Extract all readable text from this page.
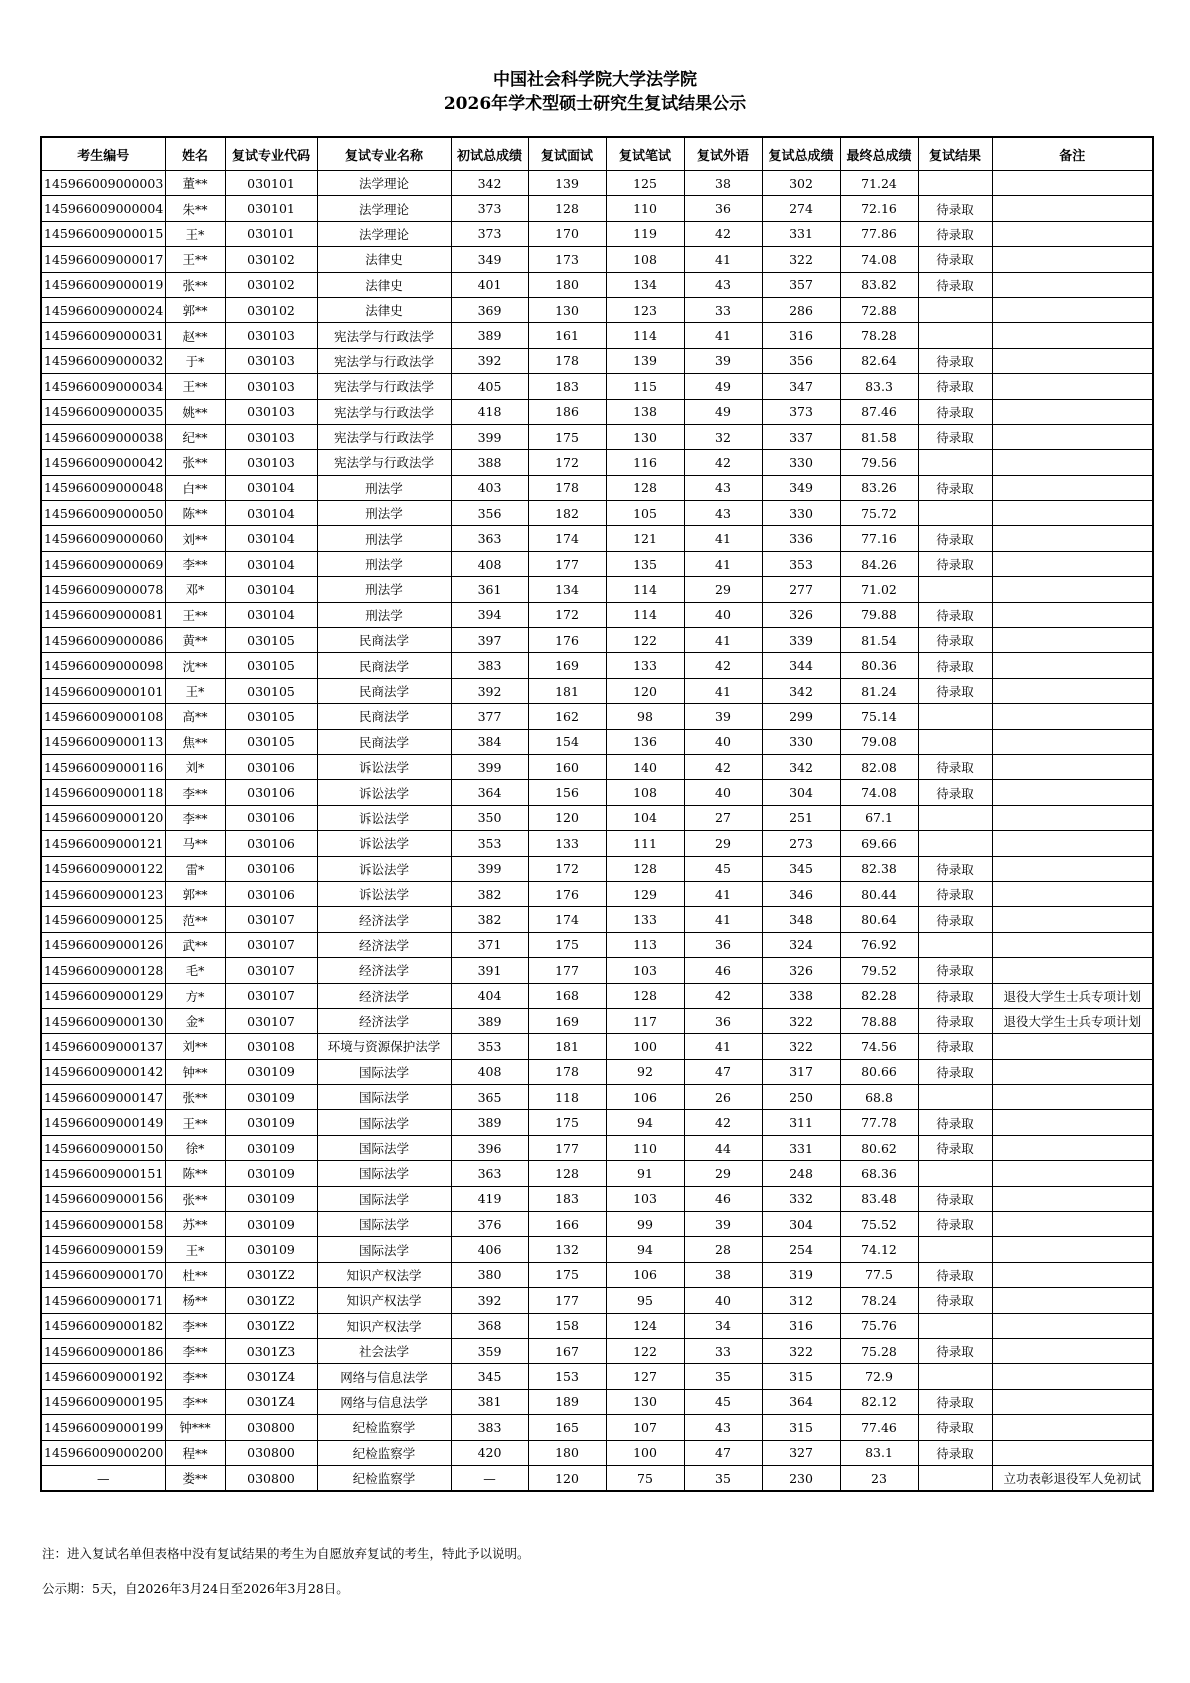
中国社会科学院大学法学院
2026年学术型硕士研究生复试结果公示
考生编号	姓名	复试专业代码	复试专业名称	初试总成绩	复试面试	复试笔试	复试外语	复试总成绩	最终总成绩	复试结果	备注
145966009000003	董**	030101	法学理论	342	139	125	38	302	71.24		
145966009000004	朱**	030101	法学理论	373	128	110	36	274	72.16	待录取	
145966009000015	王*	030101	法学理论	373	170	119	42	331	77.86	待录取	
145966009000017	王**	030102	法律史	349	173	108	41	322	74.08	待录取	
145966009000019	张**	030102	法律史	401	180	134	43	357	83.82	待录取	
145966009000024	郭**	030102	法律史	369	130	123	33	286	72.88		
145966009000031	赵**	030103	宪法学与行政法学	389	161	114	41	316	78.28		
145966009000032	于*	030103	宪法学与行政法学	392	178	139	39	356	82.64	待录取	
145966009000034	王**	030103	宪法学与行政法学	405	183	115	49	347	83.3	待录取	
145966009000035	姚**	030103	宪法学与行政法学	418	186	138	49	373	87.46	待录取	
145966009000038	纪**	030103	宪法学与行政法学	399	175	130	32	337	81.58	待录取	
145966009000042	张**	030103	宪法学与行政法学	388	172	116	42	330	79.56		
145966009000048	白**	030104	刑法学	403	178	128	43	349	83.26	待录取	
145966009000050	陈**	030104	刑法学	356	182	105	43	330	75.72		
145966009000060	刘**	030104	刑法学	363	174	121	41	336	77.16	待录取	
145966009000069	李**	030104	刑法学	408	177	135	41	353	84.26	待录取	
145966009000078	邓*	030104	刑法学	361	134	114	29	277	71.02		
145966009000081	王**	030104	刑法学	394	172	114	40	326	79.88	待录取	
145966009000086	黄**	030105	民商法学	397	176	122	41	339	81.54	待录取	
145966009000098	沈**	030105	民商法学	383	169	133	42	344	80.36	待录取	
145966009000101	王*	030105	民商法学	392	181	120	41	342	81.24	待录取	
145966009000108	高**	030105	民商法学	377	162	98	39	299	75.14		
145966009000113	焦**	030105	民商法学	384	154	136	40	330	79.08		
145966009000116	刘*	030106	诉讼法学	399	160	140	42	342	82.08	待录取	
145966009000118	李**	030106	诉讼法学	364	156	108	40	304	74.08	待录取	
145966009000120	李**	030106	诉讼法学	350	120	104	27	251	67.1		
145966009000121	马**	030106	诉讼法学	353	133	111	29	273	69.66		
145966009000122	雷*	030106	诉讼法学	399	172	128	45	345	82.38	待录取	
145966009000123	郭**	030106	诉讼法学	382	176	129	41	346	80.44	待录取	
145966009000125	范**	030107	经济法学	382	174	133	41	348	80.64	待录取	
145966009000126	武**	030107	经济法学	371	175	113	36	324	76.92		
145966009000128	毛*	030107	经济法学	391	177	103	46	326	79.52	待录取	
145966009000129	方*	030107	经济法学	404	168	128	42	338	82.28	待录取	退役大学生士兵专项计划
145966009000130	金*	030107	经济法学	389	169	117	36	322	78.88	待录取	退役大学生士兵专项计划
145966009000137	刘**	030108	环境与资源保护法学	353	181	100	41	322	74.56	待录取	
145966009000142	钟**	030109	国际法学	408	178	92	47	317	80.66	待录取	
145966009000147	张**	030109	国际法学	365	118	106	26	250	68.8		
145966009000149	王**	030109	国际法学	389	175	94	42	311	77.78	待录取	
145966009000150	徐*	030109	国际法学	396	177	110	44	331	80.62	待录取	
145966009000151	陈**	030109	国际法学	363	128	91	29	248	68.36		
145966009000156	张**	030109	国际法学	419	183	103	46	332	83.48	待录取	
145966009000158	苏**	030109	国际法学	376	166	99	39	304	75.52	待录取	
145966009000159	王*	030109	国际法学	406	132	94	28	254	74.12		
145966009000170	杜**	0301Z2	知识产权法学	380	175	106	38	319	77.5	待录取	
145966009000171	杨**	0301Z2	知识产权法学	392	177	95	40	312	78.24	待录取	
145966009000182	李**	0301Z2	知识产权法学	368	158	124	34	316	75.76		
145966009000186	李**	0301Z3	社会法学	359	167	122	33	322	75.28	待录取	
145966009000192	李**	0301Z4	网络与信息法学	345	153	127	35	315	72.9		
145966009000195	李**	0301Z4	网络与信息法学	381	189	130	45	364	82.12	待录取	
145966009000199	钟***	030800	纪检监察学	383	165	107	43	315	77.46	待录取	
145966009000200	程**	030800	纪检监察学	420	180	100	47	327	83.1	待录取	
—	娄**	030800	纪检监察学	—	120	75	35	230	23		立功表彰退役军人免初试
注：进入复试名单但表格中没有复试结果的考生为自愿放弃复试的考生，特此予以说明。
公示期：5天，自2026年3月24日至2026年3月28日。
